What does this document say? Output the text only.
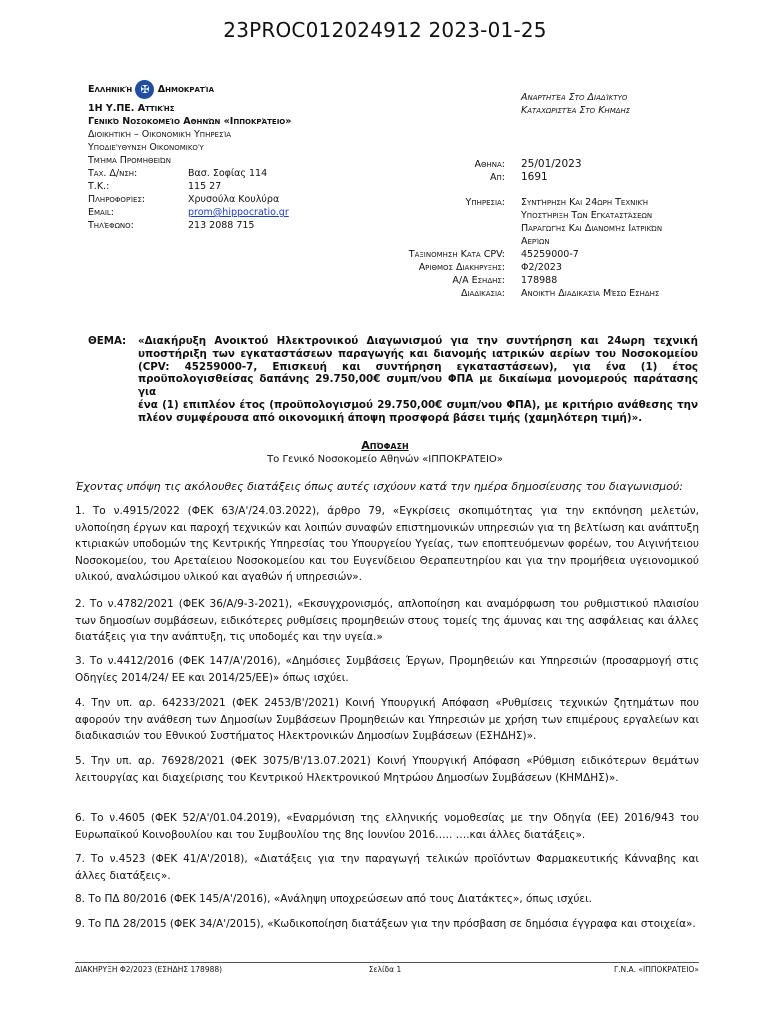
23PROC012024912 2023-01-25
Ελληνική ✠ Δημοκρατία
1Η Υ.ΠΕ. Αττικής
Γενικό Νοσοκομείο Αθηνών «Ιπποκράτειο»
Διοικητική – Οικονομική Υπηρεσία
Υποδιεύθυνση Οικονομικού
Τμήμα Προμηθειών
Ταχ. Δ/νση:	Βασ. Σοφίας 114
Τ.Κ.:	115 27
Πληροφορίες:	Χρυσούλα Κουλύρα
Email:	prom@hippocratio.gr
Τηλέφωνο:	213 2088 715
Αναρτητέα Στο Διαδίκτυο
Καταχωριστέα Στο Κημδης
Αθηνα:	25/01/2023
Απ:	1691
Υπηρεσια:	Συντήρηση Και 24ωρη Τεχνική
Υποστήριξη Των Εγκαταστάσεων
Παραγωγής Και Διανομής Ιατρικών
Αερίων
Ταξινομηση Κατα CPV:	45259000-7
Αριθμος Διακηρυξης:	Φ2/2023
Α/Α Εσηδης:	178988
Διαδικασια:	Ανοικτή Διαδικασία Μέσω Εσηδης
ΘΕΜΑ:	«Διακήρυξη Ανοικτού Ηλεκτρονικού Διαγωνισμού για την συντήρηση και 24ωρη τεχνική
υποστήριξη των εγκαταστάσεων παραγωγής και διανομής ιατρικών αερίων του Νοσοκομείου
(CPV: 45259000-7, Επισκευή και συντήρηση εγκαταστάσεων), για ένα (1) έτος
προϋπολογισθείσας δαπάνης 29.750,00€ συμπ/νου ΦΠΑ με δικαίωμα μονομερούς παράτασης για
ένα (1) επιπλέον έτος (προϋπολογισμού 29.750,00€ συμπ/νου ΦΠΑ), με κριτήριο ανάθεσης την
πλέον συμφέρουσα από οικονομική άποψη προσφορά βάσει τιμής (χαμηλότερη τιμή)».
Απόφαση
Το Γενικό Νοσοκομείο Αθηνών «ΙΠΠΟΚΡΑΤΕΙΟ»
Έχοντας υπόψη τις ακόλουθες διατάξεις όπως αυτές ισχύουν κατά την ημέρα δημοσίευσης του διαγωνισμού:
1. Το ν.4915/2022 (ΦΕΚ 63/Α'/24.03.2022), άρθρο 79, «Εγκρίσεις σκοπιμότητας για την εκπόνηση μελετών, υλοποίηση έργων και παροχή τεχνικών και λοιπών συναφών επιστημονικών υπηρεσιών για τη βελτίωση και ανάπτυξη κτιριακών υποδομών της Κεντρικής Υπηρεσίας του Υπουργείου Υγείας, των εποπτευόμενων φορέων, του Αιγινήτειου Νοσοκομείου, του Αρεταίειου Νοσοκομείου και του Ευγενίδειου Θεραπευτηρίου και για την προμήθεια υγειονομικού υλικού, αναλώσιμου υλικού και αγαθών ή υπηρεσιών».
2. Το ν.4782/2021 (ΦΕΚ 36/Α/9-3-2021), «Εκσυγχρονισμός, απλοποίηση και αναμόρφωση του ρυθμιστικού πλαισίου των δημοσίων συμβάσεων, ειδικότερες ρυθμίσεις προμηθειών στους τομείς της άμυνας και της ασφάλειας και άλλες διατάξεις για την ανάπτυξη, τις υποδομές και την υγεία.»
3. Το ν.4412/2016 (ΦΕΚ 147/Α'/2016), «Δημόσιες Συμβάσεις Έργων, Προμηθειών και Υπηρεσιών (προσαρμογή στις Οδηγίες 2014/24/ ΕΕ και 2014/25/ΕΕ)» όπως ισχύει.
4. Την υπ. αρ. 64233/2021 (ΦΕΚ 2453/Β'/2021) Κοινή Υπουργική Απόφαση «Ρυθμίσεις τεχνικών ζητημάτων που αφορούν την ανάθεση των Δημοσίων Συμβάσεων Προμηθειών και Υπηρεσιών με χρήση των επιμέρους εργαλείων και διαδικασιών του Εθνικού Συστήματος Ηλεκτρονικών Δημοσίων Συμβάσεων (ΕΣΗΔΗΣ)».
5. Την υπ. αρ. 76928/2021 (ΦΕΚ 3075/Β'/13.07.2021) Κοινή Υπουργική Απόφαση «Ρύθμιση ειδικότερων θεμάτων λειτουργίας και διαχείρισης του Κεντρικού Ηλεκτρονικού Μητρώου Δημοσίων Συμβάσεων (ΚΗΜΔΗΣ)».
6. Το ν.4605 (ΦΕΚ 52/Α'/01.04.2019), «Εναρμόνιση της ελληνικής νομοθεσίας με την Οδηγία (ΕΕ) 2016/943 του Ευρωπαϊκού Κοινοβουλίου και του Συμβουλίου της 8ης Ιουνίου 2016….. ….και άλλες διατάξεις».
7. Το ν.4523 (ΦΕΚ 41/Α'/2018), «Διατάξεις για την παραγωγή τελικών προϊόντων Φαρμακευτικής Κάνναβης και άλλες διατάξεις».
8. Το ΠΔ 80/2016 (ΦΕΚ 145/Α'/2016), «Ανάληψη υποχρεώσεων από τους Διατάκτες», όπως ισχύει.
9. Το ΠΔ 28/2015 (ΦΕΚ 34/Α'/2015), «Κωδικοποίηση διατάξεων για την πρόσβαση σε δημόσια έγγραφα και στοιχεία».
ΔΙΑΚΗΡΥΞΗ Φ2/2023 (ΕΣΗΔΗΣ 178988)	Σελίδα 1	Γ.Ν.Α. «ΙΠΠΟΚΡΑΤΕΙΟ»
